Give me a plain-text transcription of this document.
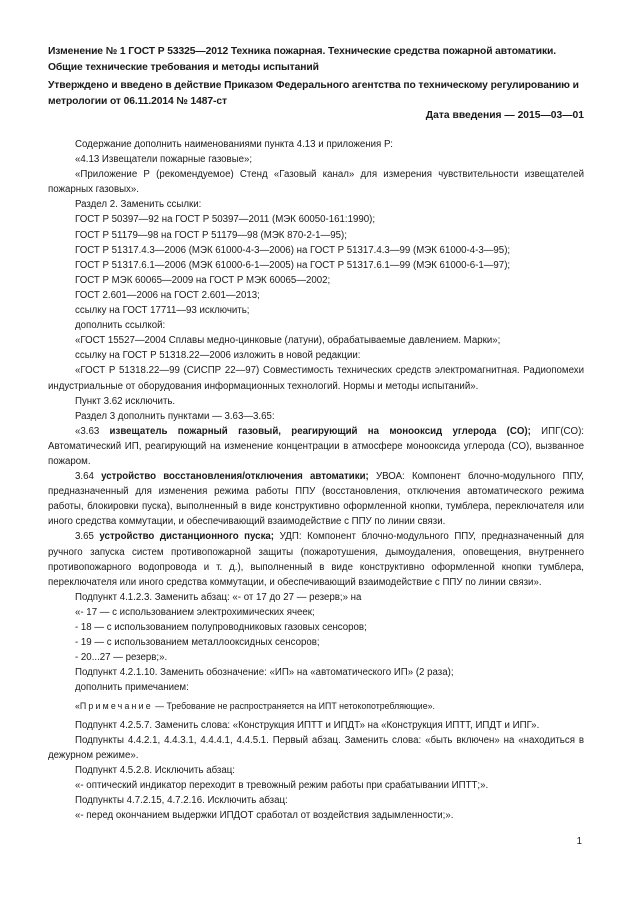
Изменение № 1 ГОСТ Р 53325—2012 Техника пожарная. Технические средства пожарной автоматики. Общие технические требования и методы испытаний

Утверждено и введено в действие Приказом Федерального агентства по техническому регулированию и метрологии от 06.11.2014 № 1487-ст

Дата введения — 2015—03—01

Содержание дополнить наименованиями пункта 4.13 и приложения Р:

«4.13 Извещатели пожарные газовые»;

«Приложение Р (рекомендуемое) Стенд «Газовый канал» для измерения чувствительности извещателей пожарных газовых».

Раздел 2. Заменить ссылки:

ГОСТ Р 50397—92 на ГОСТ Р 50397—2011 (МЭК 60050-161:1990);

ГОСТ Р 51179—98 на ГОСТ Р 51179—98 (МЭК 870-2-1—95);

ГОСТ Р 51317.4.3—2006 (МЭК 61000-4-3—2006) на ГОСТ Р 51317.4.3—99 (МЭК 61000-4-3—95);

ГОСТ Р 51317.6.1—2006 (МЭК 61000-6-1—2005) на ГОСТ Р 51317.6.1—99 (МЭК 61000-6-1—97);

ГОСТ Р МЭК 60065—2009 на ГОСТ Р МЭК 60065—2002;

ГОСТ 2.601—2006 на ГОСТ 2.601—2013;

ссылку на ГОСТ 17711—93 исключить;

дополнить ссылкой:

«ГОСТ 15527—2004 Сплавы медно-цинковые (латуни), обрабатываемые давлением. Марки»;

ссылку на ГОСТ Р 51318.22—2006 изложить в новой редакции:

«ГОСТ Р 51318.22—99 (СИСПР 22—97) Совместимость технических средств электромагнитная. Радиопомехи индустриальные от оборудования информационных технологий. Нормы и методы испытаний».

Пункт 3.62 исключить.

Раздел 3 дополнить пунктами — 3.63—3.65:

«3.63 извещатель пожарный газовый, реагирующий на монооксид углерода (CO); ИПГ(CO): Автоматический ИП, реагирующий на изменение концентрации в атмосфере монооксида углерода (CO), вызванное пожаром.

3.64 устройство восстановления/отключения автоматики; УВОА: Компонент блочно-модульного ППУ, предназначенный для изменения режима работы ППУ (восстановления, отключения автоматического режима работы, блокировки пуска), выполненный в виде конструктивно оформленной кнопки, тумблера, переключателя или иного средства коммутации, и обеспечивающий взаимодействие с ППУ по линии связи.

3.65 устройство дистанционного пуска; УДП: Компонент блочно-модульного ППУ, предназначенный для ручного запуска систем противопожарной защиты (пожаротушения, дымоудаления, оповещения, внутреннего противопожарного водопровода и т. д.), выполненный в виде конструктивно оформленной кнопки тумблера, переключателя или иного средства коммутации, и обеспечивающий взаимодействие с ППУ по линии связи».

Подпункт 4.1.2.3. Заменить абзац: «- от 17 до 27 — резерв;» на

«- 17 — с использованием электрохимических ячеек;

- 18 — с использованием полупроводниковых газовых сенсоров;

- 19 — с использованием металлооксидных сенсоров;

- 20...27 — резерв;».

Подпункт 4.2.1.10. Заменить обозначение: «ИП» на «автоматического ИП» (2 раза);

дополнить примечанием:

«Примечание — Требование не распространяется на ИПТ нетокопотребляющие».

Подпункт 4.2.5.7. Заменить слова: «Конструкция ИПТТ и ИПДТ» на «Конструкция ИПТТ, ИПДТ и ИПГ».

Подпункты 4.4.2.1, 4.4.3.1, 4.4.4.1, 4.4.5.1. Первый абзац. Заменить слова: «быть включен» на «находиться в дежурном режиме».

Подпункт 4.5.2.8. Исключить абзац:

«- оптический индикатор переходит в тревожный режим работы при срабатывании ИПТТ;».

Подпункты 4.7.2.15, 4.7.2.16. Исключить абзац:

«- перед окончанием выдержки ИПДОТ сработал от воздействия задымленности;».

1
